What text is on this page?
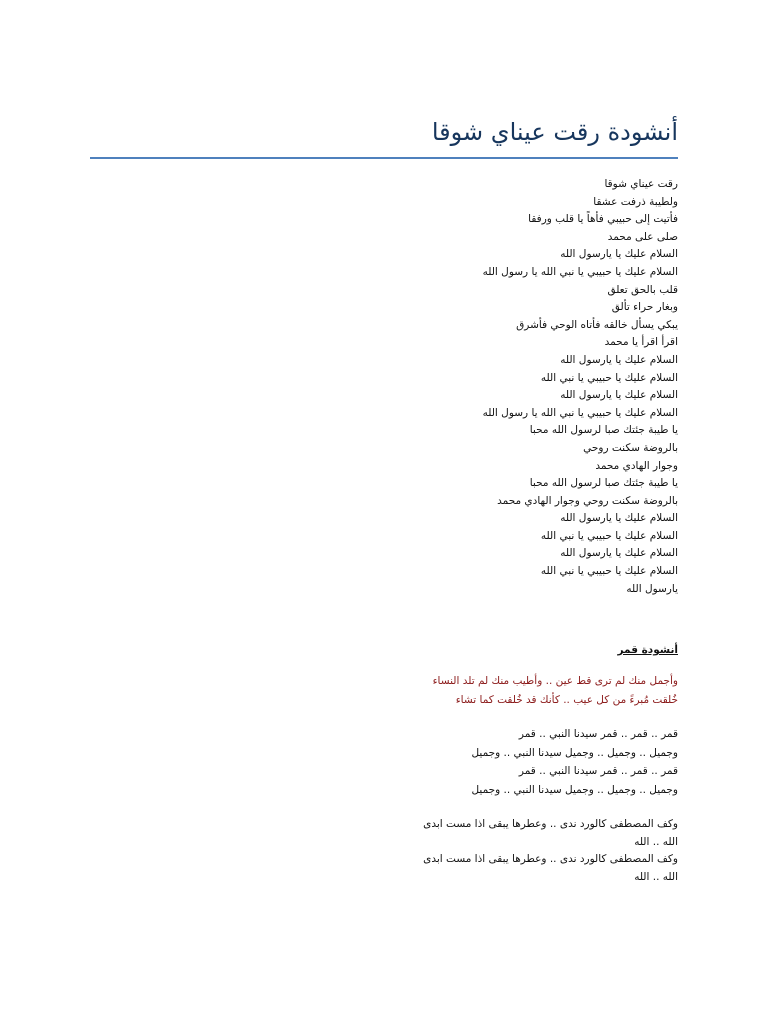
أنشودة رقت عيناي شوقا
رقت عيناي شوقا
ولطيبة ذرفت عشقا
فأتيت إلى حبيبي فأهاً يا قلب ورفقا
صلى على محمد
السلام عليك يا يارسول الله
السلام عليك يا حبيبي يا نبي الله يا رسول الله
قلب بالحق تعلق
وبغار حراء تألق
يبكي يسأل خالقه فأتاه الوحي فأشرق
اقرأ اقرأ يا محمد
السلام عليك يا يارسول الله
السلام عليك يا حبيبي يا نبي الله
السلام عليك يا يارسول الله
السلام عليك يا حبيبي يا نبي الله يا رسول الله
يا طيبة جئتك صبا لرسول الله محبا
بالروضة سكنت روحي
وجوار الهادي محمد
يا طيبة جئتك صبا لرسول الله محبا
بالروضة سكنت روحي وجوار الهادي محمد
السلام عليك يا يارسول الله
السلام عليك يا حبيبي يا نبي الله
السلام عليك يا يارسول الله
السلام عليك يا حبيبي يا نبي الله
يارسول الله
أنشودة قمر
وأجمل منك لم ترى قط عين .. وأطيب منك لم تلد النساء
خُلقت مُبرءً من كل عيب .. كأنك قد خُلقت كما تشاء
قمر .. قمر .. قمر سيدنا النبي .. قمر
وجميل .. وجميل .. وجميل سيدنا النبي .. وجميل
قمر .. قمر .. قمر سيدنا النبي .. قمر
وجميل .. وجميل .. وجميل سيدنا النبي .. وجميل
وكف المصطفى كالورد ندى .. وعطرها يبقى اذا مست ابدى
الله .. الله
وكف المصطفى كالورد ندى .. وعطرها يبقى اذا مست ابدى
الله .. الله
